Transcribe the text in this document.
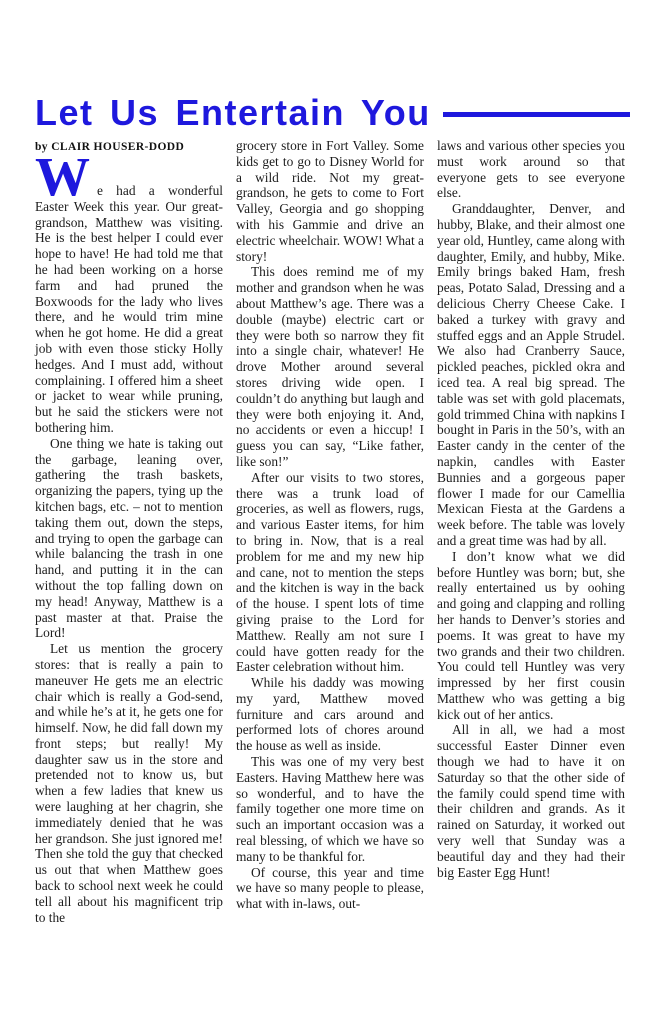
Let Us Entertain You
by CLAIR HOUSER-DODD

We had a wonderful Easter Week this year. Our great-grandson, Matthew was visiting. He is the best helper I could ever hope to have! He had told me that he had been working on a horse farm and had pruned the Boxwoods for the lady who lives there, and he would trim mine when he got home. He did a great job with even those sticky Holly hedges. And I must add, without complaining. I offered him a sheet or jacket to wear while pruning, but he said the stickers were not bothering him.

One thing we hate is taking out the garbage, leaning over, gathering the trash baskets, organizing the papers, tying up the kitchen bags, etc. – not to mention taking them out, down the steps, and trying to open the garbage can while balancing the trash in one hand, and putting it in the can without the top falling down on my head! Anyway, Matthew is a past master at that. Praise the Lord!

Let us mention the grocery stores: that is really a pain to maneuver He gets me an electric chair which is really a God-send, and while he’s at it, he gets one for himself. Now, he did fall down my front steps; but really! My daughter saw us in the store and pretended not to know us, but when a few ladies that knew us were laughing at her chagrin, she immediately denied that he was her grandson. She just ignored me! Then she told the guy that checked us out that when Matthew goes back to school next week he could tell all about his magnificent trip to the

grocery store in Fort Valley. Some kids get to go to Disney World for a wild ride. Not my great-grandson, he gets to come to Fort Valley, Georgia and go shopping with his Gammie and drive an electric wheelchair. WOW! What a story!

This does remind me of my mother and grandson when he was about Matthew’s age. There was a double (maybe) electric cart or they were both so narrow they fit into a single chair, whatever! He drove Mother around several stores driving wide open. I couldn’t do anything but laugh and they were both enjoying it. And, no accidents or even a hiccup! I guess you can say, “Like father, like son!”

After our visits to two stores, there was a trunk load of groceries, as well as flowers, rugs, and various Easter items, for him to bring in. Now, that is a real problem for me and my new hip and cane, not to mention the steps and the kitchen is way in the back of the house. I spent lots of time giving praise to the Lord for Matthew. Really am not sure I could have gotten ready for the Easter celebration without him.

While his daddy was mowing my yard, Matthew moved furniture and cars around and performed lots of chores around the house as well as inside.

This was one of my very best Easters. Having Matthew here was so wonderful, and to have the family together one more time on such an important occasion was a real blessing, of which we have so many to be thankful for.

Of course, this year and time we have so many people to please, what with in-laws, out-

laws and various other species you must work around so that everyone gets to see everyone else.

Granddaughter, Denver, and hubby, Blake, and their almost one year old, Huntley, came along with daughter, Emily, and hubby, Mike. Emily brings baked Ham, fresh peas, Potato Salad, Dressing and a delicious Cherry Cheese Cake. I baked a turkey with gravy and stuffed eggs and an Apple Strudel. We also had Cranberry Sauce, pickled peaches, pickled okra and iced tea. A real big spread. The table was set with gold placemats, gold trimmed China with napkins I bought in Paris in the 50’s, with an Easter candy in the center of the napkin, candles with Easter Bunnies and a gorgeous paper flower I made for our Camellia Mexican Fiesta at the Gardens a week before. The table was lovely and a great time was had by all.

I don’t know what we did before Huntley was born; but, she really entertained us by oohing and going and clapping and rolling her hands to Denver’s stories and poems. It was great to have my two grands and their two children. You could tell Huntley was very impressed by her first cousin Matthew who was getting a big kick out of her antics.

All in all, we had a most successful Easter Dinner even though we had to have it on Saturday so that the other side of the family could spend time with their children and grands. As it rained on Saturday, it worked out very well that Sunday was a beautiful day and they had their big Easter Egg Hunt!
